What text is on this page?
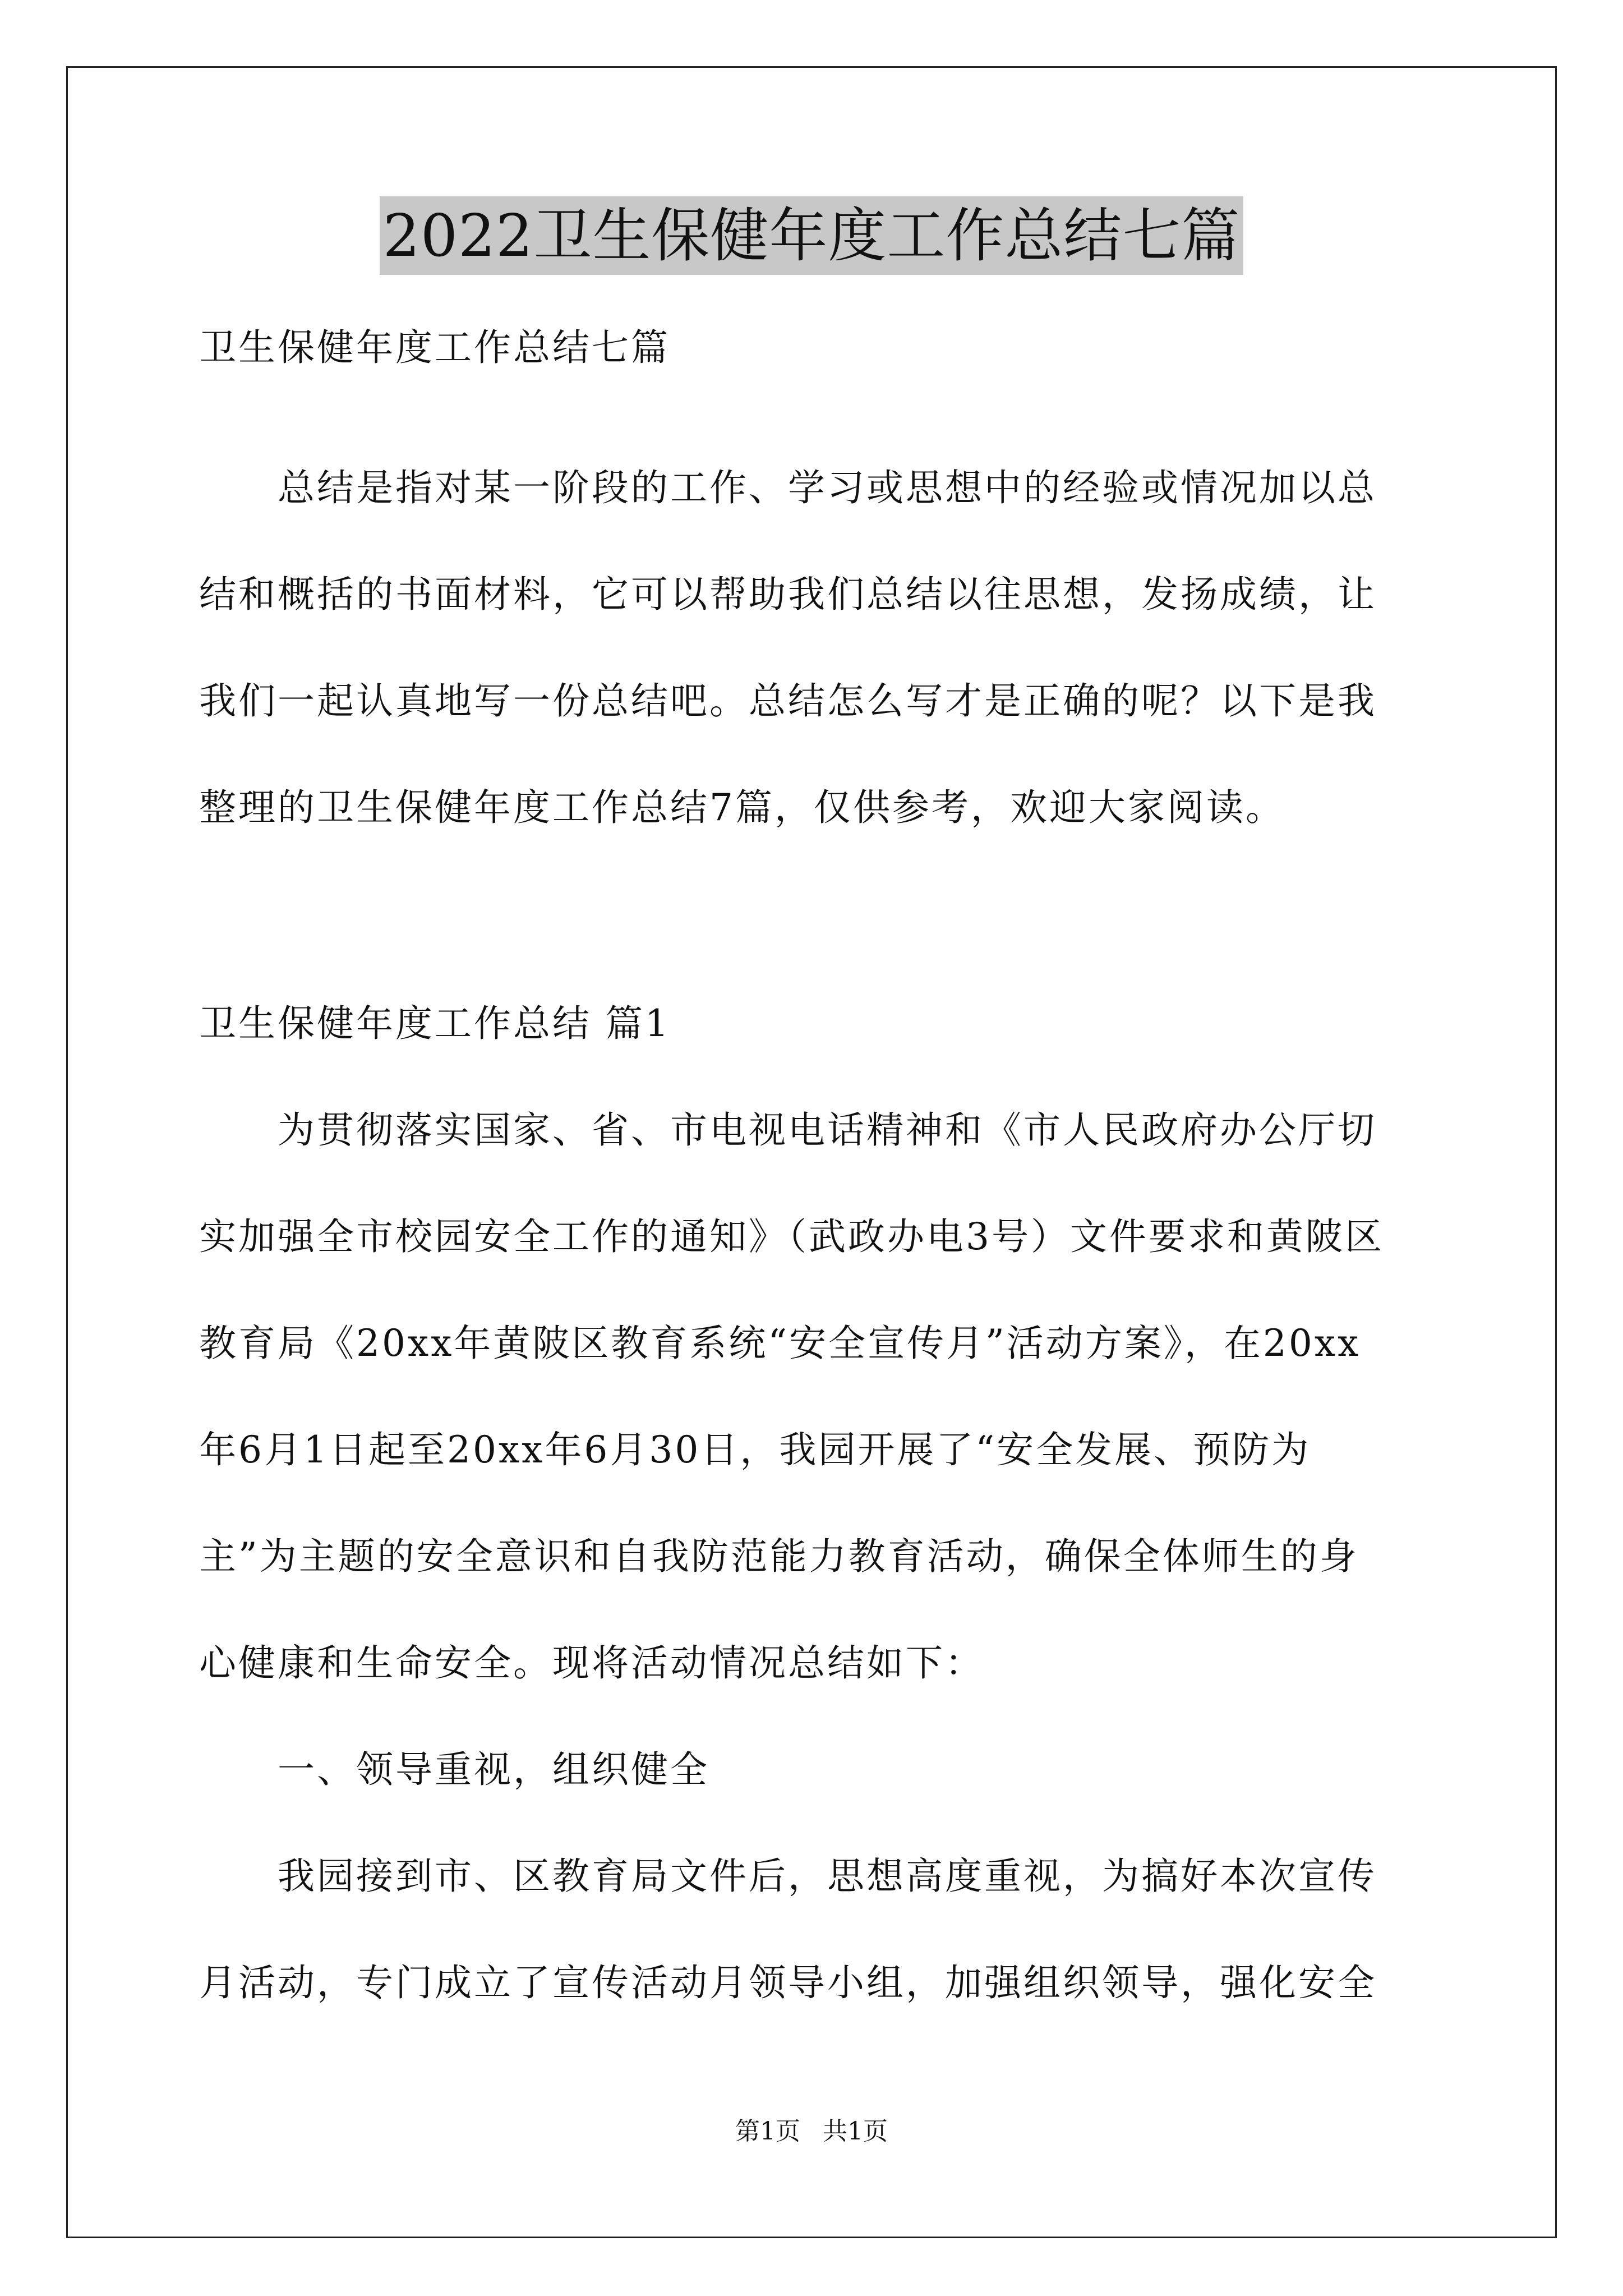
2022卫生保健年度工作总结七篇
卫生保健年度工作总结七篇
　　总结是指对某一阶段的工作、学习或思想中的经验或情况加以总
结和概括的书面材料，它可以帮助我们总结以往思想，发扬成绩，让
我们一起认真地写一份总结吧。总结怎么写才是正确的呢？以下是我
整理的卫生保健年度工作总结7篇，仅供参考，欢迎大家阅读。
卫生保健年度工作总结 篇1
　　为贯彻落实国家、省、市电视电话精神和《市人民政府办公厅切
实加强全市校园安全工作的通知》（武政办电3号）文件要求和黄陂区
教育局《20xx年黄陂区教育系统“安全宣传月”活动方案》，在20xx
年6月1日起至20xx年6月30日，我园开展了“安全发展、预防为
主”为主题的安全意识和自我防范能力教育活动，确保全体师生的身
心健康和生命安全。现将活动情况总结如下：
　　一、领导重视，组织健全
　　我园接到市、区教育局文件后，思想高度重视，为搞好本次宣传
月活动，专门成立了宣传活动月领导小组，加强组织领导，强化安全
第1页 共1页
